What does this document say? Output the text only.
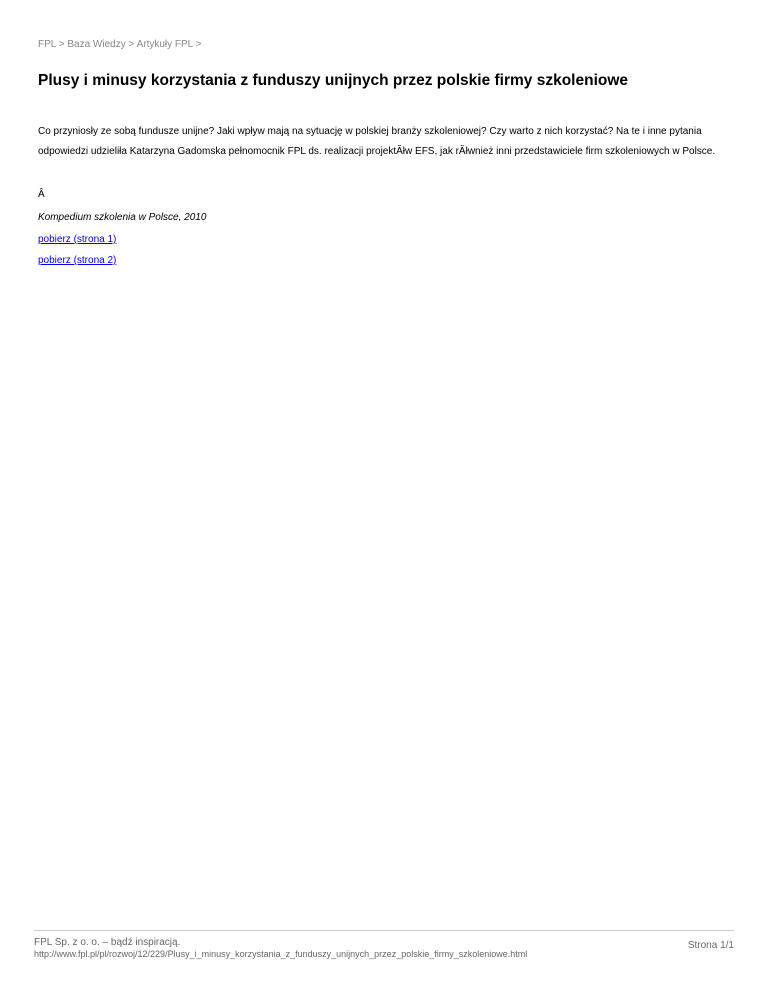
FPL > Baza Wiedzy > Artykuły FPL >
Plusy i minusy korzystania z funduszy unijnych przez polskie firmy szkoleniowe

Co przyniosły ze sobą fundusze unijne? Jaki wpływ mają na sytuację w polskiej branży szkoleniowej? Czy warto z nich korzystać? Na te i inne pytania odpowiedzi udzieliła Katarzyna Gadomska pełnomocnik FPL ds. realizacji projektĂłw EFS, jak rĂłwnież inni przedstawiciele firm szkoleniowych w Polsce.

Â

Kompedium szkolenia w Polsce, 2010

pobierz (strona 1)
pobierz (strona 2)
FPL Sp. z o. o. – bądź inspiracją.
http://www.fpl.pl/pl/rozwoj/12/229/Plusy_i_minusy_korzystania_z_funduszy_unijnych_przez_polskie_firmy_szkoleniowe.html
Strona 1/1
